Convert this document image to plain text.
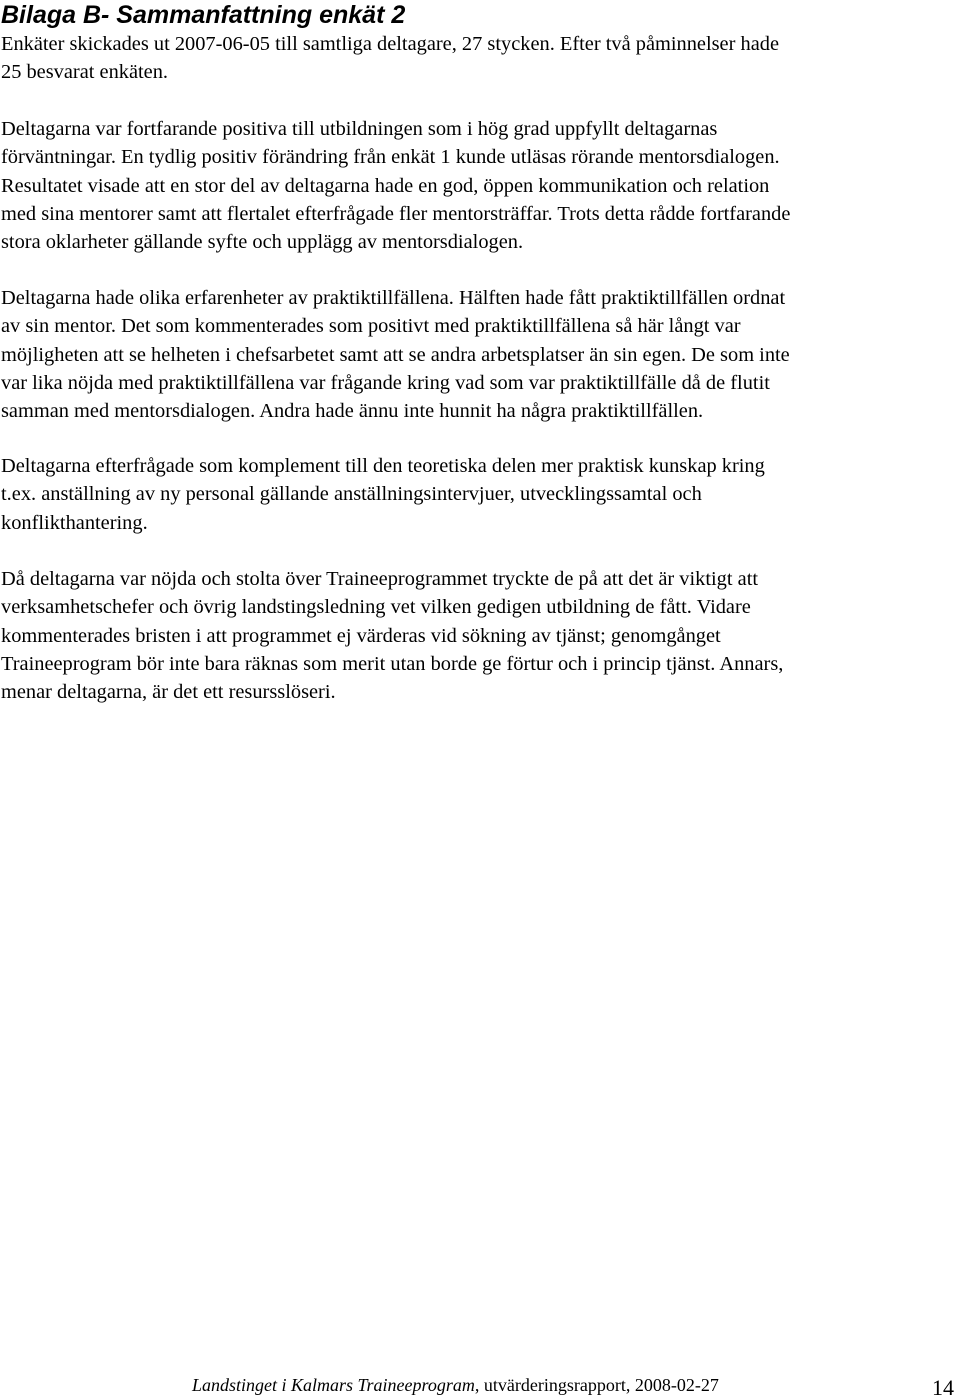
Bilaga B- Sammanfattning enkät 2
Enkäter skickades ut 2007-06-05 till samtliga deltagare, 27 stycken. Efter två påminnelser hade
25 besvarat enkäten.
Deltagarna var fortfarande positiva till utbildningen som i hög grad uppfyllt deltagarnas
förväntningar. En tydlig positiv förändring från enkät 1 kunde utläsas rörande mentorsdialogen.
Resultatet visade att en stor del av deltagarna hade en god, öppen kommunikation och relation
med sina mentorer samt att flertalet efterfrågade fler mentorsträffar. Trots detta rådde fortfarande
stora oklarheter gällande syfte och upplägg av mentorsdialogen.
Deltagarna hade olika erfarenheter av praktiktillfällena. Hälften hade fått praktiktillfällen ordnat
av sin mentor. Det som kommenterades som positivt med praktiktillfällena så här långt var
möjligheten att se helheten i chefsarbetet samt att se andra arbetsplatser än sin egen. De som inte
var lika nöjda med praktiktillfällena var frågande kring vad som var praktiktillfälle då de flutit
samman med mentorsdialogen. Andra hade ännu inte hunnit ha några praktiktillfällen.
Deltagarna efterfrågade som komplement till den teoretiska delen mer praktisk kunskap kring
t.ex. anställning av ny personal gällande anställningsintervjuer, utvecklingssamtal och
konflikthantering.
Då deltagarna var nöjda och stolta över Traineeprogrammet tryckte de på att det är viktigt att
verksamhetschefer och övrig landstingsledning vet vilken gedigen utbildning de fått. Vidare
kommenterades bristen i att programmet ej värderas vid sökning av tjänst; genomgånget
Traineeprogram bör inte bara räknas som merit utan borde ge förtur och i princip tjänst. Annars,
menar deltagarna, är det ett resursslöseri.
Landstinget i Kalmars Traineeprogram, utvärderingsrapport, 2008-02-27	14
